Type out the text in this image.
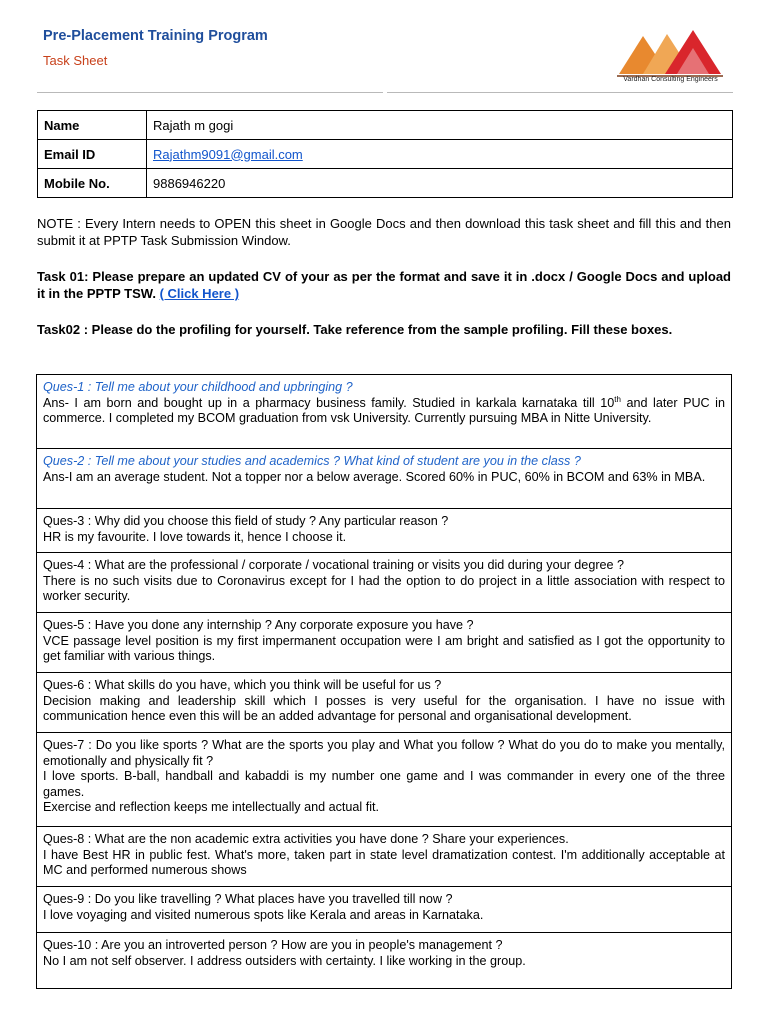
Pre-Placement Training Program
Task Sheet
Vardhan Consulting Engineers
Name	Rajath m gogi
Email ID	Rajathm9091@gmail.com
Mobile No.	9886946220
NOTE : Every Intern needs to OPEN this sheet in Google Docs and then download this task sheet and fill this and then submit it at PPTP Task Submission Window.
Task 01: Please prepare an updated CV of your as per the format and save it in .docx / Google Docs and upload it in the PPTP TSW. ( Click Here )
Task02 : Please do the profiling for yourself. Take reference from the sample profiling. Fill these boxes.
Ques-1 : Tell me about your childhood and upbringing ?
Ans- I am born and bought up in a pharmacy business family. Studied in karkala karnataka till 10th and later PUC in commerce. I completed my BCOM graduation from vsk University. Currently pursuing MBA in Nitte University.
Ques-2 : Tell me about your studies and academics ? What kind of student are you in the class ?
Ans-I am an average student. Not a topper nor a below average. Scored 60% in PUC, 60% in BCOM and 63% in MBA.
Ques-3 : Why did you choose this field of study ? Any particular reason ?
HR is my favourite. I love towards it, hence I choose it.
Ques-4 : What are the professional / corporate / vocational training or visits you did during your degree ?
There is no such visits due to Coronavirus except for I had the option to do project in a little association with respect to worker security.
Ques-5 : Have you done any internship ? Any corporate exposure you have ?
VCE passage level position is my first impermanent occupation were I am bright and satisfied as I got the opportunity to get familiar with various things.
Ques-6 : What skills do you have, which you think will be useful for us ?
Decision making and leadership skill which I posses is very useful for the organisation. I have no issue with communication hence even this will be an added advantage for personal and organisational development.
Ques-7 : Do you like sports ? What are the sports you play and What you follow ? What do you do to make you mentally, emotionally and physically fit ?
I love sports. B-ball, handball and kabaddi is my number one game and I was commander in every one of the three games.
Exercise and reflection keeps me intellectually and actual fit.
Ques-8 : What are the non academic extra activities you have done ? Share your experiences.
I have Best HR in public fest. What's more, taken part in state level dramatization contest. I'm additionally acceptable at MC and performed numerous shows
Ques-9 : Do you like travelling ? What places have you travelled till now ?
I love voyaging and visited numerous spots like Kerala and areas in Karnataka.
Ques-10 : Are you an introverted person ? How are you in people's management ?
No I am not self observer. I address outsiders with certainty. I like working in the group.
